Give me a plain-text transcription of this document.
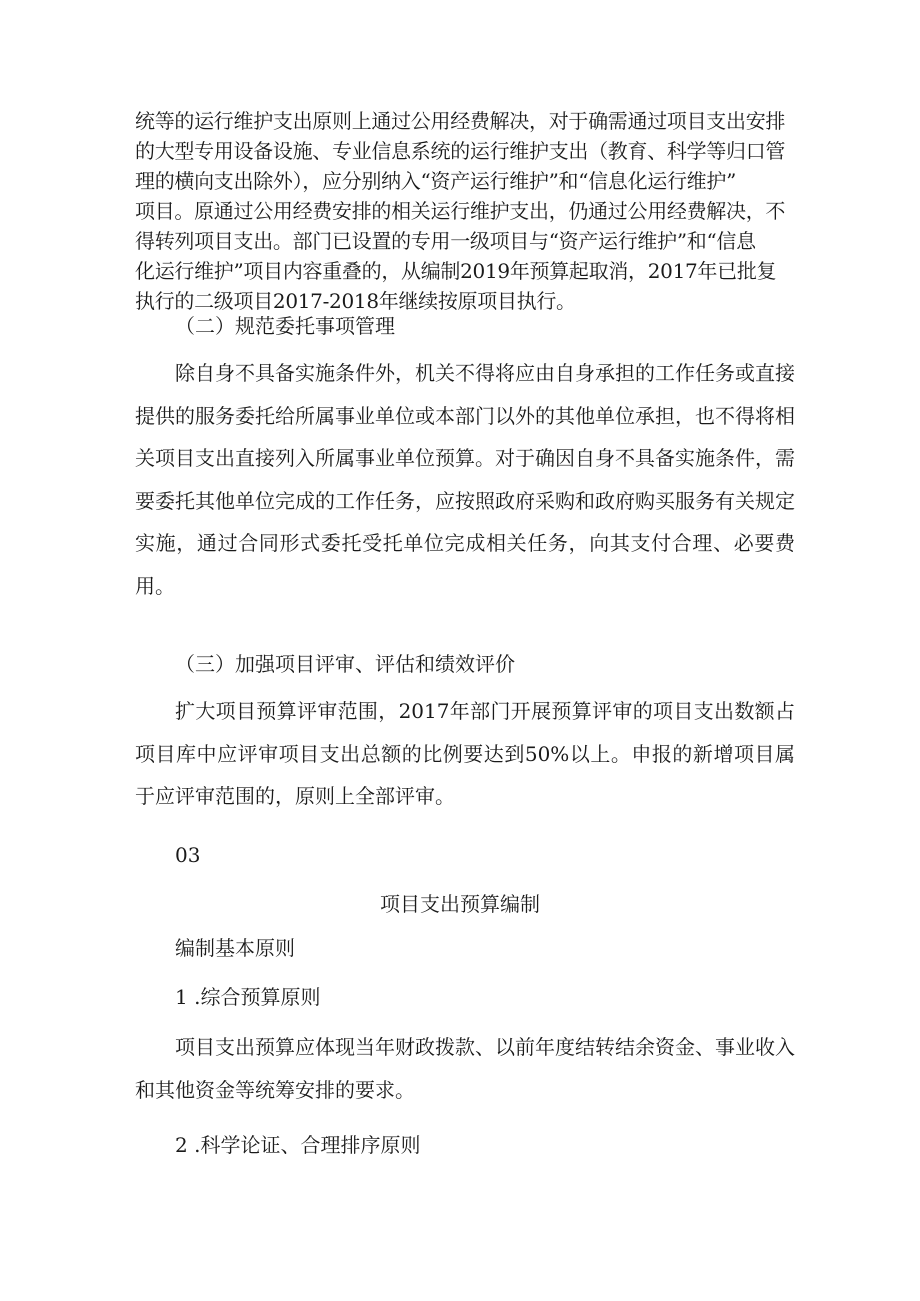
统等的运行维护支出原则上通过公用经费解决，对于确需通过项目支出安排
的大型专用设备设施、专业信息系统的运行维护支出（教育、科学等归口管
理的横向支出除外），应分别纳入“资产运行维护”和“信息化运行维护”
项目。原通过公用经费安排的相关运行维护支出，仍通过公用经费解决，不
得转列项目支出。部门已设置的专用一级项目与“资产运行维护”和“信息
化运行维护”项目内容重叠的，从编制2019年预算起取消，2017年已批复
执行的二级项目2017-2018年继续按原项目执行。

（二）规范委托事项管理

除自身不具备实施条件外，机关不得将应由自身承担的工作任务或直接提供的服务委托给所属事业单位或本部门以外的其他单位承担，也不得将相关项目支出直接列入所属事业单位预算。对于确因自身不具备实施条件，需要委托其他单位完成的工作任务，应按照政府采购和政府购买服务有关规定实施，通过合同形式委托受托单位完成相关任务，向其支付合理、必要费用。

（三）加强项目评审、评估和绩效评价

扩大项目预算评审范围，2017年部门开展预算评审的项目支出数额占项目库中应评审项目支出总额的比例要达到50%以上。申报的新增项目属于应评审范围的，原则上全部评审。

03

项目支出预算编制

编制基本原则

1 .综合预算原则

项目支出预算应体现当年财政拨款、以前年度结转结余资金、事业收入和其他资金等统筹安排的要求。

2 .科学论证、合理排序原则
